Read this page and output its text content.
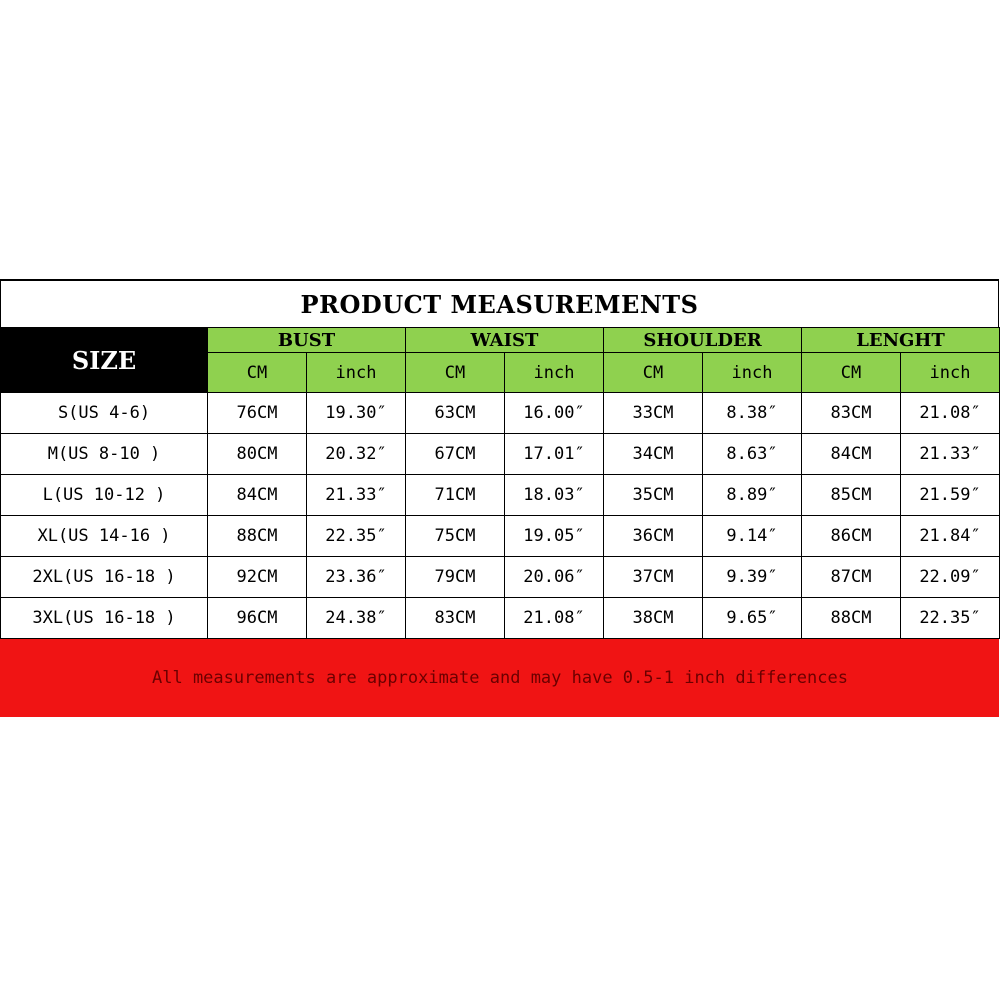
PRODUCT MEASUREMENTS
SIZE	BUST		WAIST		SHOULDER		LENGHT	
	CM	inch	CM	inch	CM	inch	CM	inch
S(US 4-6)	76CM	19.30″	63CM	16.00″	33CM	8.38″	83CM	21.08″
M(US 8-10 )	80CM	20.32″	67CM	17.01″	34CM	8.63″	84CM	21.33″
L(US 10-12 )	84CM	21.33″	71CM	18.03″	35CM	8.89″	85CM	21.59″
XL(US 14-16 )	88CM	22.35″	75CM	19.05″	36CM	9.14″	86CM	21.84″
2XL(US 16-18 )	92CM	23.36″	79CM	20.06″	37CM	9.39″	87CM	22.09″
3XL(US 16-18 )	96CM	24.38″	83CM	21.08″	38CM	9.65″	88CM	22.35″
All measurements are approximate and may have 0.5-1 inch differences
